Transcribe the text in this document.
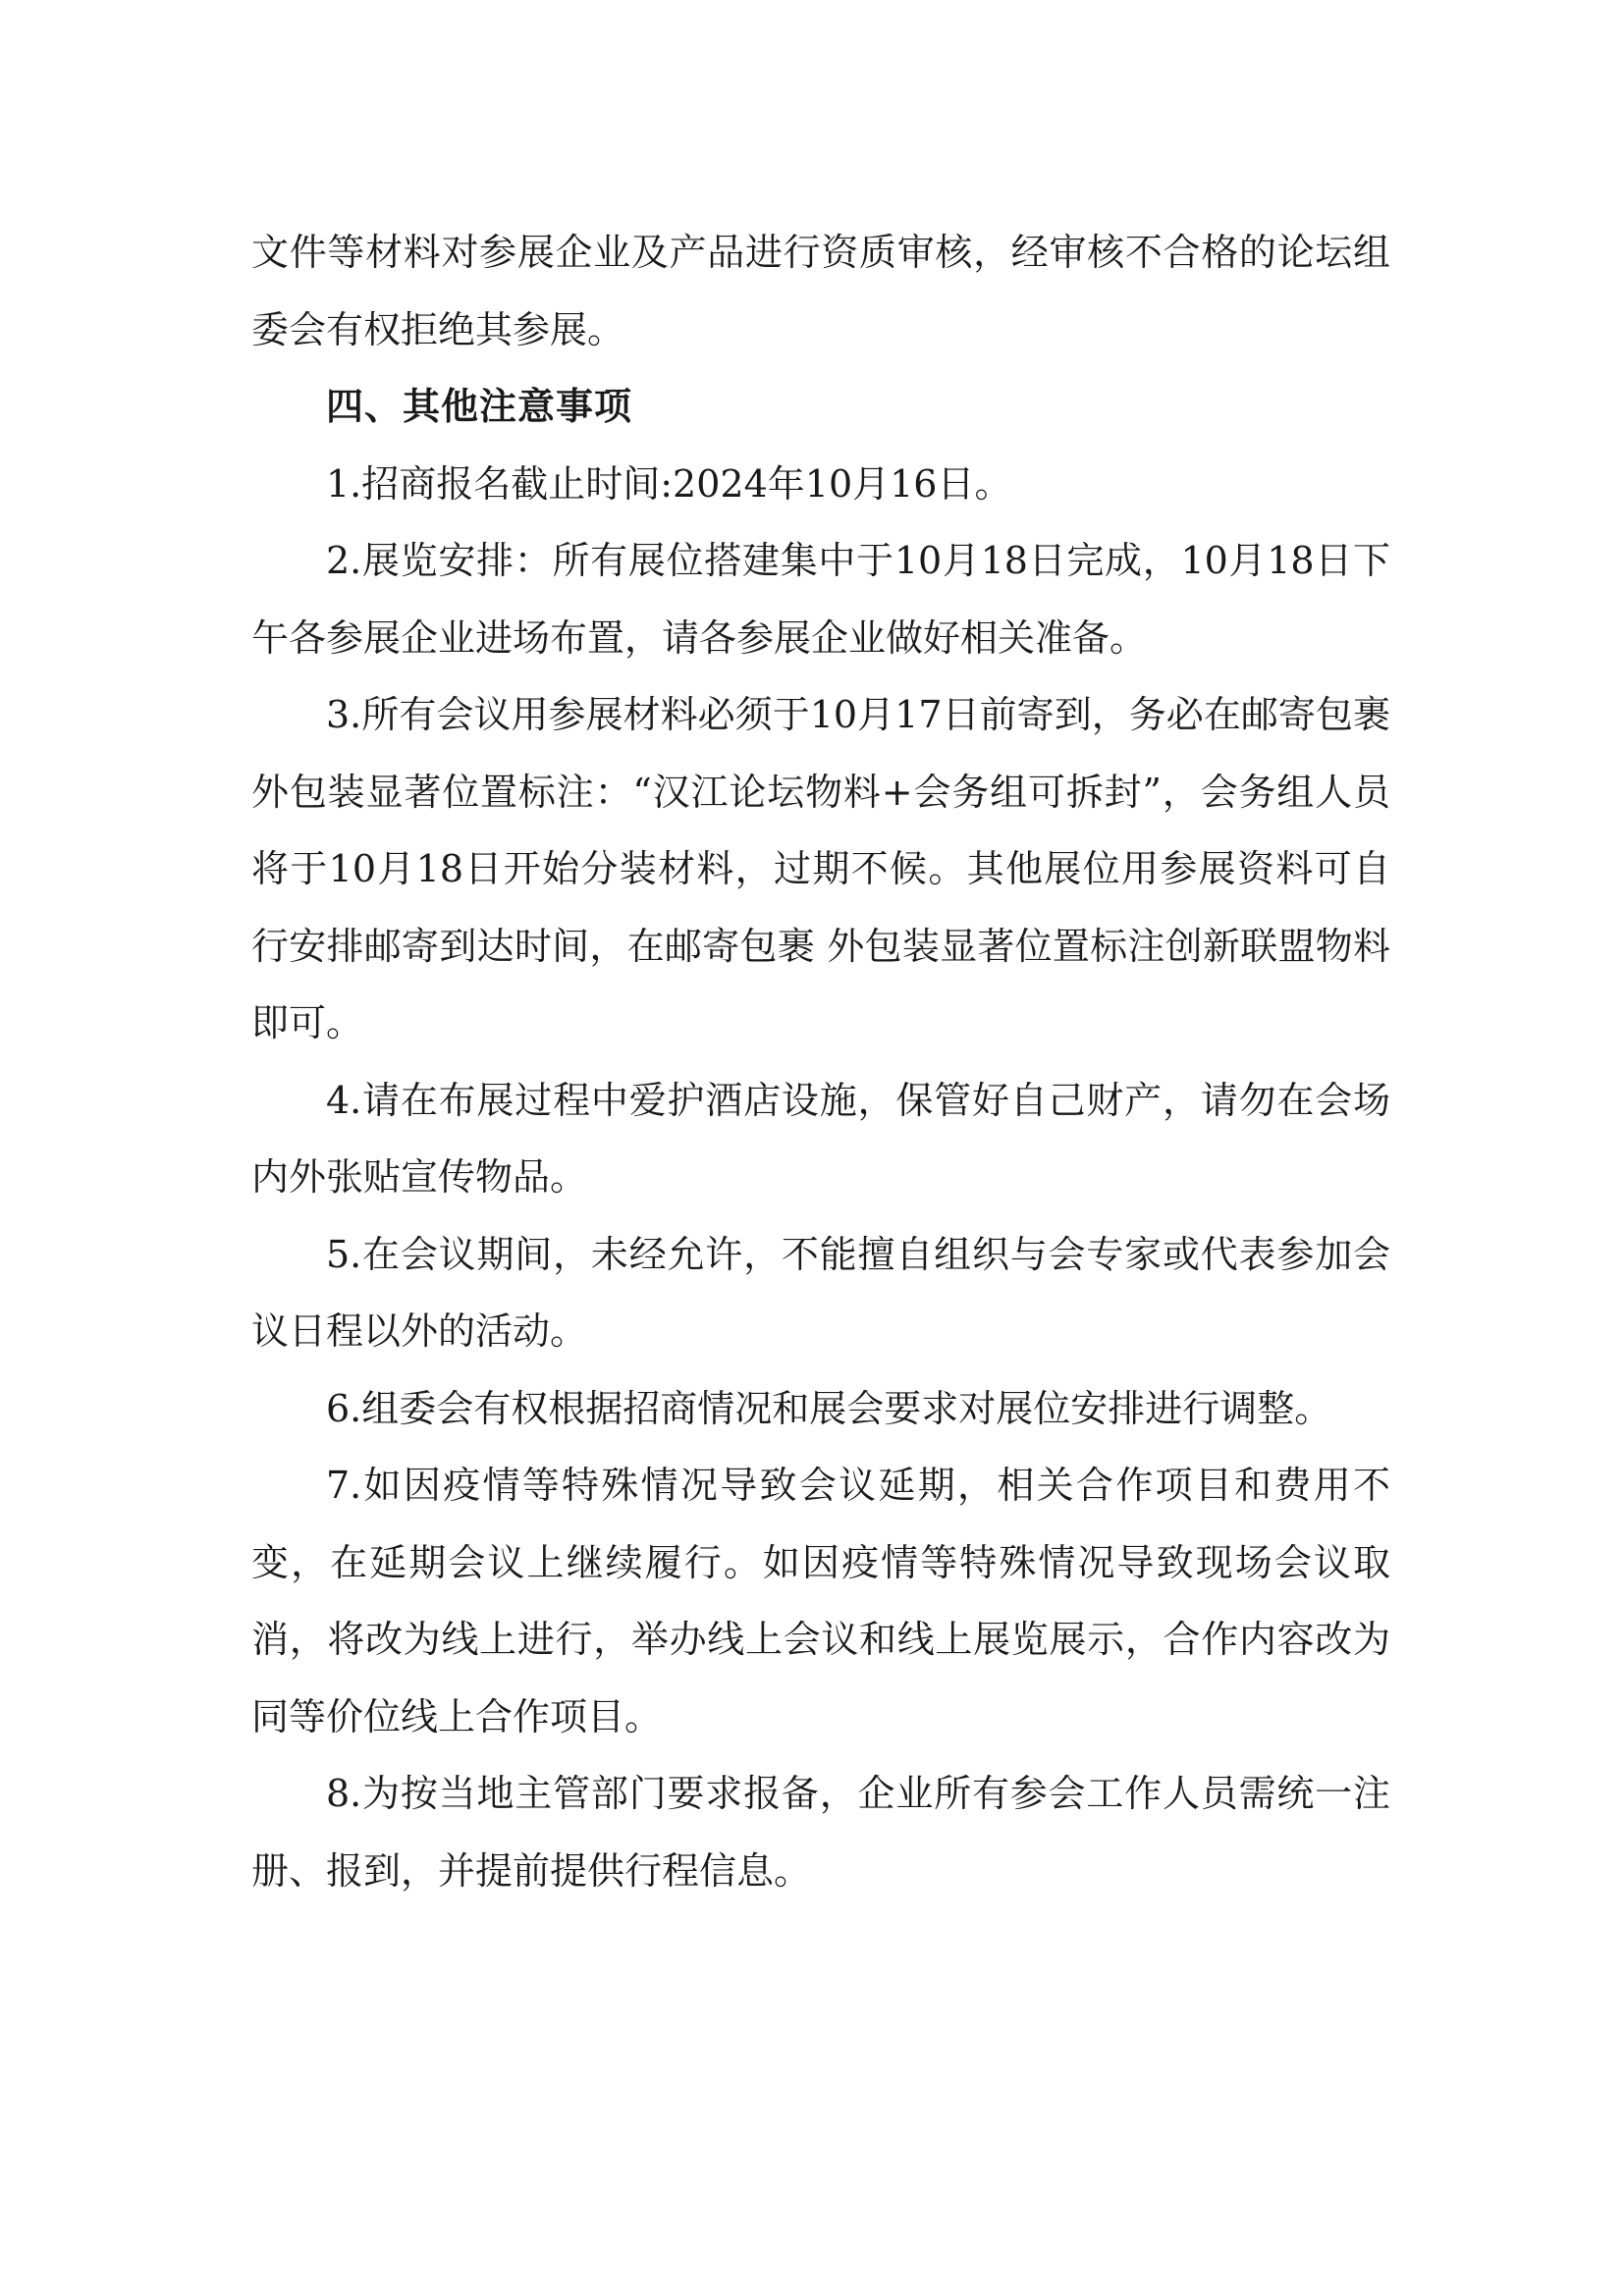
文件等材料对参展企业及产品进行资质审核，经审核不合格的论坛组委会有权拒绝其参展。

四、其他注意事项

1.招商报名截止时间:2024年10月16日。

2.展览安排：所有展位搭建集中于10月18日完成，10月18日下午各参展企业进场布置，请各参展企业做好相关准备。

3.所有会议用参展材料必须于10月17日前寄到，务必在邮寄包裹外包装显著位置标注：“汉江论坛物料+会务组可拆封”，会务组人员将于10月18日开始分装材料，过期不候。其他展位用参展资料可自行安排邮寄到达时间，在邮寄包裹 外包装显著位置标注创新联盟物料即可。

4.请在布展过程中爱护酒店设施，保管好自己财产，请勿在会场内外张贴宣传物品。

5.在会议期间，未经允许，不能擅自组织与会专家或代表参加会议日程以外的活动。

6.组委会有权根据招商情况和展会要求对展位安排进行调整。

7.如因疫情等特殊情况导致会议延期，相关合作项目和费用不变，在延期会议上继续履行。如因疫情等特殊情况导致现场会议取消，将改为线上进行，举办线上会议和线上展览展示，合作内容改为同等价位线上合作项目。

8.为按当地主管部门要求报备，企业所有参会工作人员需统一注册、报到，并提前提供行程信息。
